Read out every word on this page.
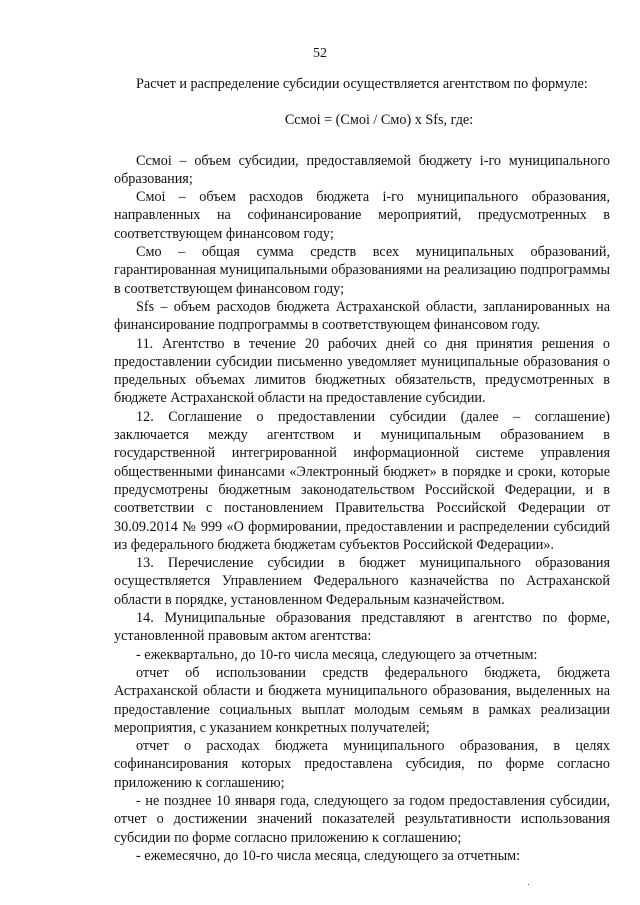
52

Расчет и распределение субсидии осуществляется агентством по формуле:

Ccмоi = (Cмоi / Cмо) x Sfs, где:

Ccмоi – объем субсидии, предоставляемой бюджету i-го муниципального образования;

Cмоi – объем расходов бюджета i-го муниципального образования, направленных на софинансирование мероприятий, предусмотренных в соответствующем финансовом году;

Cмо – общая сумма средств всех муниципальных образований, гарантированная муниципальными образованиями на реализацию подпрограммы в соответствующем финансовом году;

Sfs – объем расходов бюджета Астраханской области, запланированных на финансирование подпрограммы в соответствующем финансовом году.

11. Агентство в течение 20 рабочих дней со дня принятия решения о предоставлении субсидии письменно уведомляет муниципальные образования о предельных объемах лимитов бюджетных обязательств, предусмотренных в бюджете Астраханской области на предоставление субсидии.

12. Соглашение о предоставлении субсидии (далее – соглашение) заключается между агентством и муниципальным образованием в государственной интегрированной информационной системе управления общественными финансами «Электронный бюджет» в порядке и сроки, которые предусмотрены бюджетным законодательством Российской Федерации, и в соответствии с постановлением Правительства Российской Федерации от 30.09.2014 № 999 «О формировании, предоставлении и распределении субсидий из федерального бюджета бюджетам субъектов Российской Федерации».

13. Перечисление субсидии в бюджет муниципального образования осуществляется Управлением Федерального казначейства по Астраханской области в порядке, установленном Федеральным казначейством.

14. Муниципальные образования представляют в агентство по форме, установленной правовым актом агентства:

- ежеквартально, до 10-го числа месяца, следующего за отчетным:

отчет об использовании средств федерального бюджета, бюджета Астраханской области и бюджета муниципального образования, выделенных на предоставление социальных выплат молодым семьям в рамках реализации мероприятия, с указанием конкретных получателей;

отчет о расходах бюджета муниципального образования, в целях софинансирования которых предоставлена субсидия, по форме согласно приложению к соглашению;

- не позднее 10 января года, следующего за годом предоставления субсидии, отчет о достижении значений показателей результативности использования субсидии по форме согласно приложению к соглашению;

- ежемесячно, до 10-го числа месяца, следующего за отчетным:
